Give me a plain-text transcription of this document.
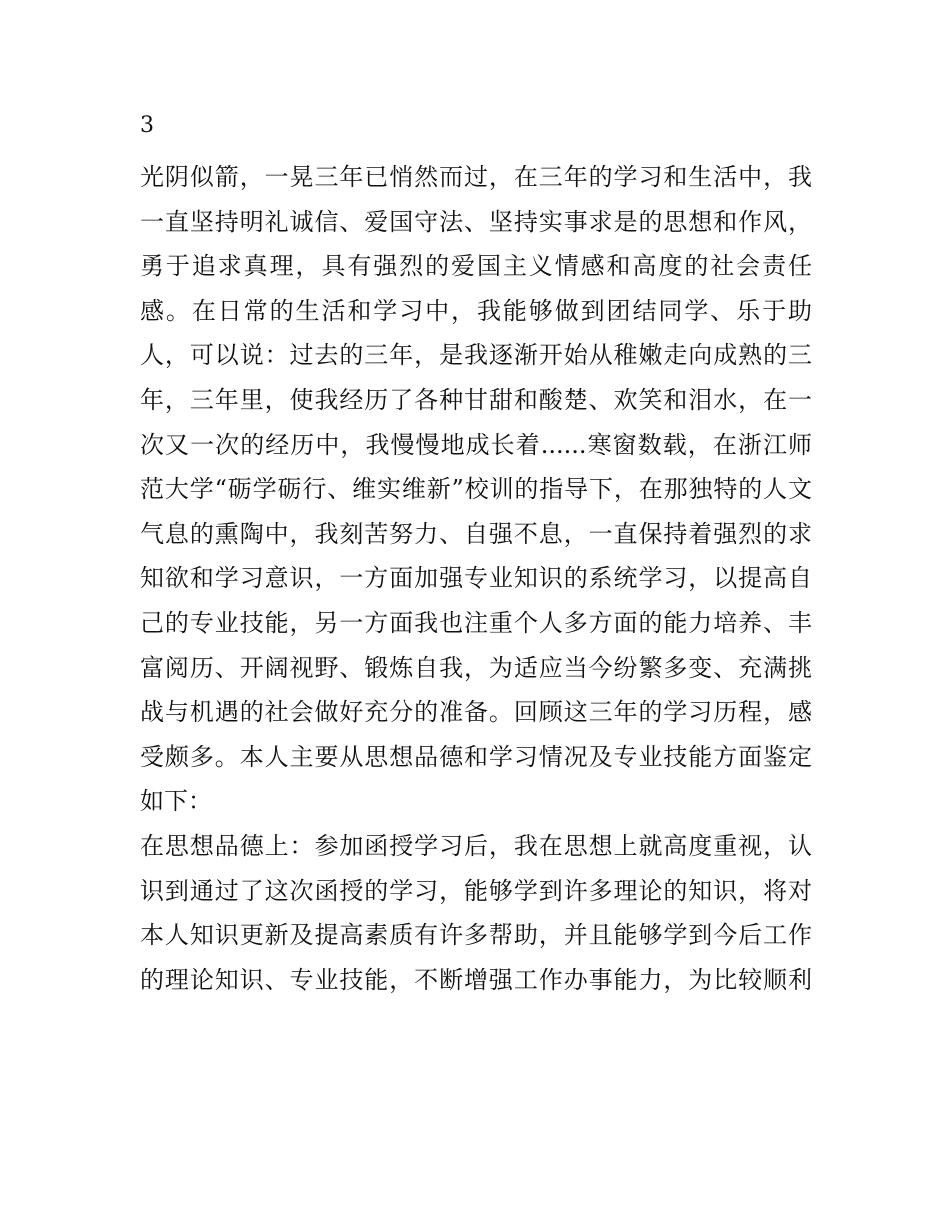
3

光阴似箭，一晃三年已悄然而过，在三年的学习和生活中，我
一直坚持明礼诚信、爱国守法、坚持实事求是的思想和作风，
勇于追求真理，具有强烈的爱国主义情感和高度的社会责任
感。在日常的生活和学习中，我能够做到团结同学、乐于助
人，可以说：过去的三年，是我逐渐开始从稚嫩走向成熟的三
年，三年里，使我经历了各种甘甜和酸楚、欢笑和泪水，在一
次又一次的经历中，我慢慢地成长着......寒窗数载，在浙江师
范大学“砺学砺行、维实维新”校训的指导下，在那独特的人文
气息的熏陶中，我刻苦努力、自强不息，一直保持着强烈的求
知欲和学习意识，一方面加强专业知识的系统学习，以提高自
己的专业技能，另一方面我也注重个人多方面的能力培养、丰
富阅历、开阔视野、锻炼自我，为适应当今纷繁多变、充满挑
战与机遇的社会做好充分的准备。回顾这三年的学习历程，感
受颇多。本人主要从思想品德和学习情况及专业技能方面鉴定
如下：
在思想品德上：参加函授学习后，我在思想上就高度重视，认
识到通过了这次函授的学习，能够学到许多理论的知识，将对
本人知识更新及提高素质有许多帮助，并且能够学到今后工作
的理论知识、专业技能，不断增强工作办事能力，为比较顺利
